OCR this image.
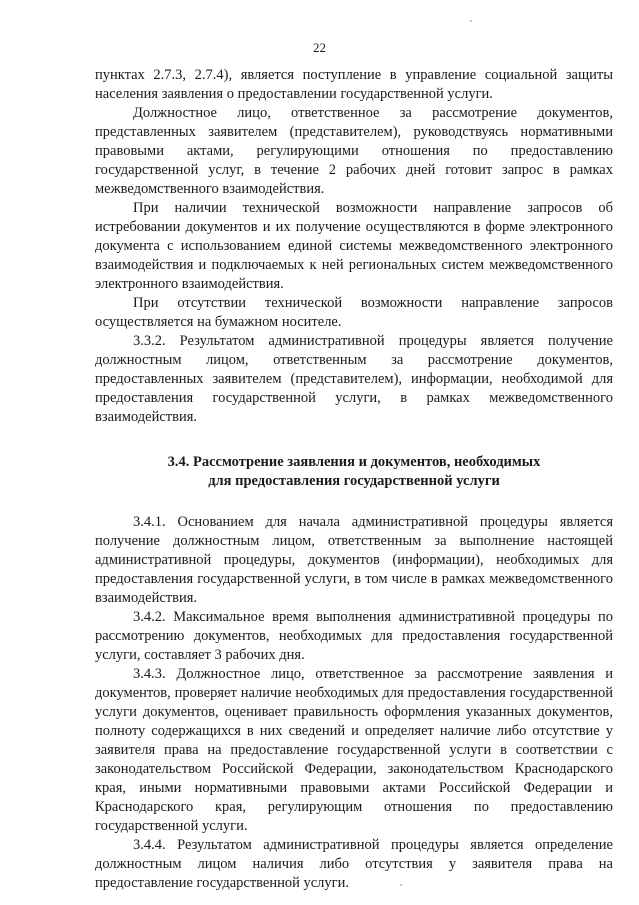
22

пунктах 2.7.3, 2.7.4), является поступление в управление социальной защиты населения заявления о предоставлении государственной услуги.

Должностное лицо, ответственное за рассмотрение документов, представленных заявителем (представителем), руководствуясь нормативными правовыми актами, регулирующими отношения по предоставлению государственной услуг, в течение 2 рабочих дней готовит запрос в рамках межведомственного взаимодействия.

При наличии технической возможности направление запросов об истребовании документов и их получение осуществляются в форме электронного документа с использованием единой системы межведомственного электронного взаимодействия и подключаемых к ней региональных систем межведомственного электронного взаимодействия.

При отсутствии технической возможности направление запросов осуществляется на бумажном носителе.

3.3.2. Результатом административной процедуры является получение должностным лицом, ответственным за рассмотрение документов, предоставленных заявителем (представителем), информации, необходимой для предоставления государственной услуги, в рамках межведомственного взаимодействия.

3.4. Рассмотрение заявления и документов, необходимых
для предоставления государственной услуги

3.4.1. Основанием для начала административной процедуры является получение должностным лицом, ответственным за выполнение настоящей административной процедуры, документов (информации), необходимых для предоставления государственной услуги, в том числе в рамках межведомственного взаимодействия.

3.4.2. Максимальное время выполнения административной процедуры по рассмотрению документов, необходимых для предоставления государственной услуги, составляет 3 рабочих дня.

3.4.3. Должностное лицо, ответственное за рассмотрение заявления и документов, проверяет наличие необходимых для предоставления государственной услуги документов, оценивает правильность оформления указанных документов, полноту содержащихся в них сведений и определяет наличие либо отсутствие у заявителя права на предоставление государственной услуги в соответствии с законодательством Российской Федерации, законодательством Краснодарского края, иными нормативными правовыми актами Российской Федерации и Краснодарского края, регулирующим отношения по предоставлению государственной услуги.

3.4.4. Результатом административной процедуры является определение должностным лицом наличия либо отсутствия у заявителя права на предоставление государственной услуги.
